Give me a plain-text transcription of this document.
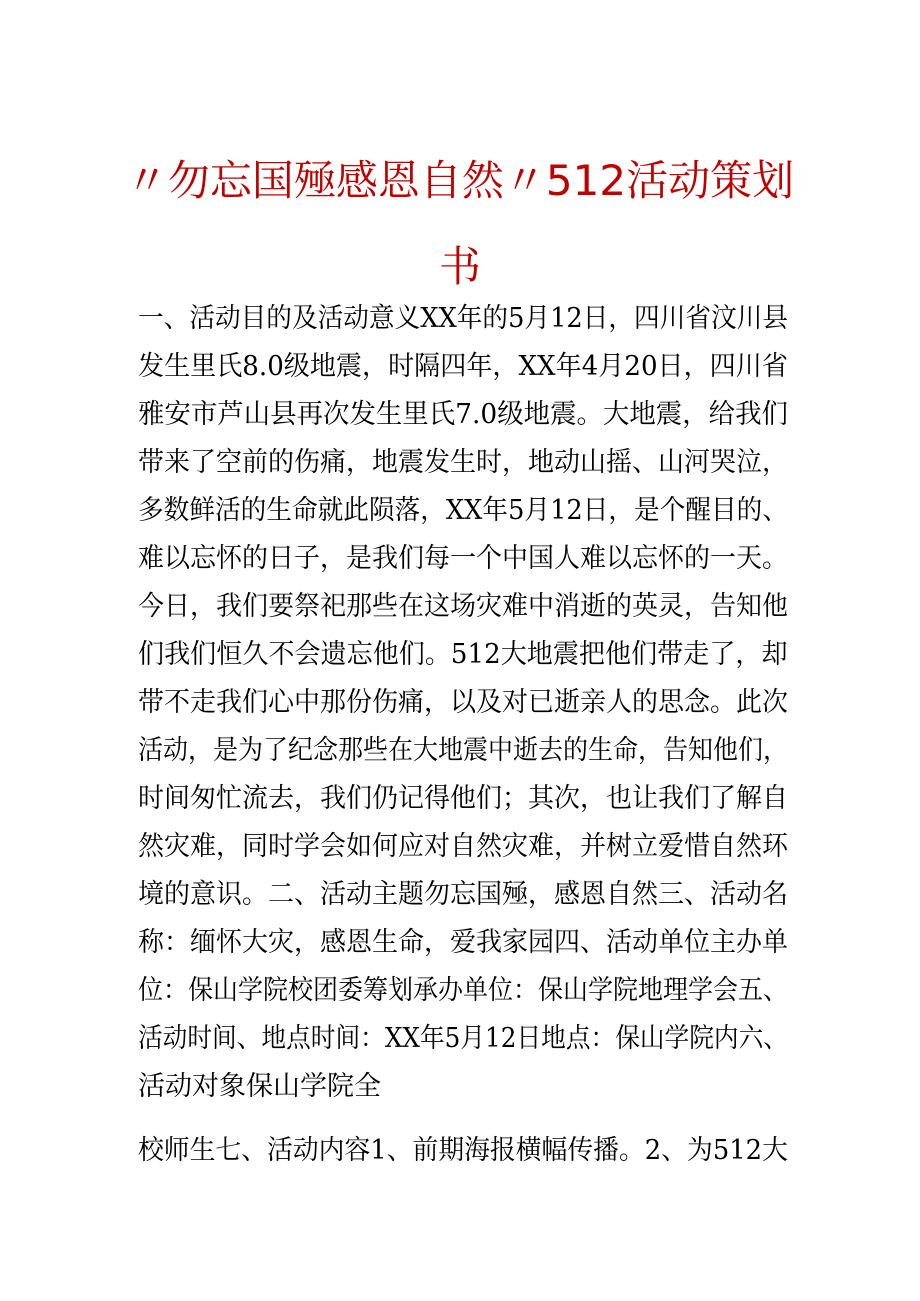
〃勿忘国殛感恩自然〃512活动策划
书
一、活动目的及活动意义XX年的5月12日，四川省汶川县
发生里氏8.0级地震，时隔四年，XX年4月20日，四川省
雅安市芦山县再次发生里氏7.0级地震。大地震，给我们
带来了空前的伤痛，地震发生时，地动山摇、山河哭泣，
多数鲜活的生命就此陨落，XX年5月12日，是个醒目的、
难以忘怀的日子，是我们每一个中国人难以忘怀的一天。
今日，我们要祭祀那些在这场灾难中消逝的英灵，告知他
们我们恒久不会遗忘他们。512大地震把他们带走了，却
带不走我们心中那份伤痛，以及对已逝亲人的思念。此次
活动，是为了纪念那些在大地震中逝去的生命，告知他们，
时间匆忙流去，我们仍记得他们；其次，也让我们了解自
然灾难，同时学会如何应对自然灾难，并树立爱惜自然环
境的意识。二、活动主题勿忘国殛，感恩自然三、活动名
称：缅怀大灾，感恩生命，爱我家园四、活动单位主办单
位：保山学院校团委筹划承办单位：保山学院地理学会五、
活动时间、地点时间：XX年5月12日地点：保山学院内六、
活动对象保山学院全
校师生七、活动内容1、前期海报横幅传播。2、为512大
